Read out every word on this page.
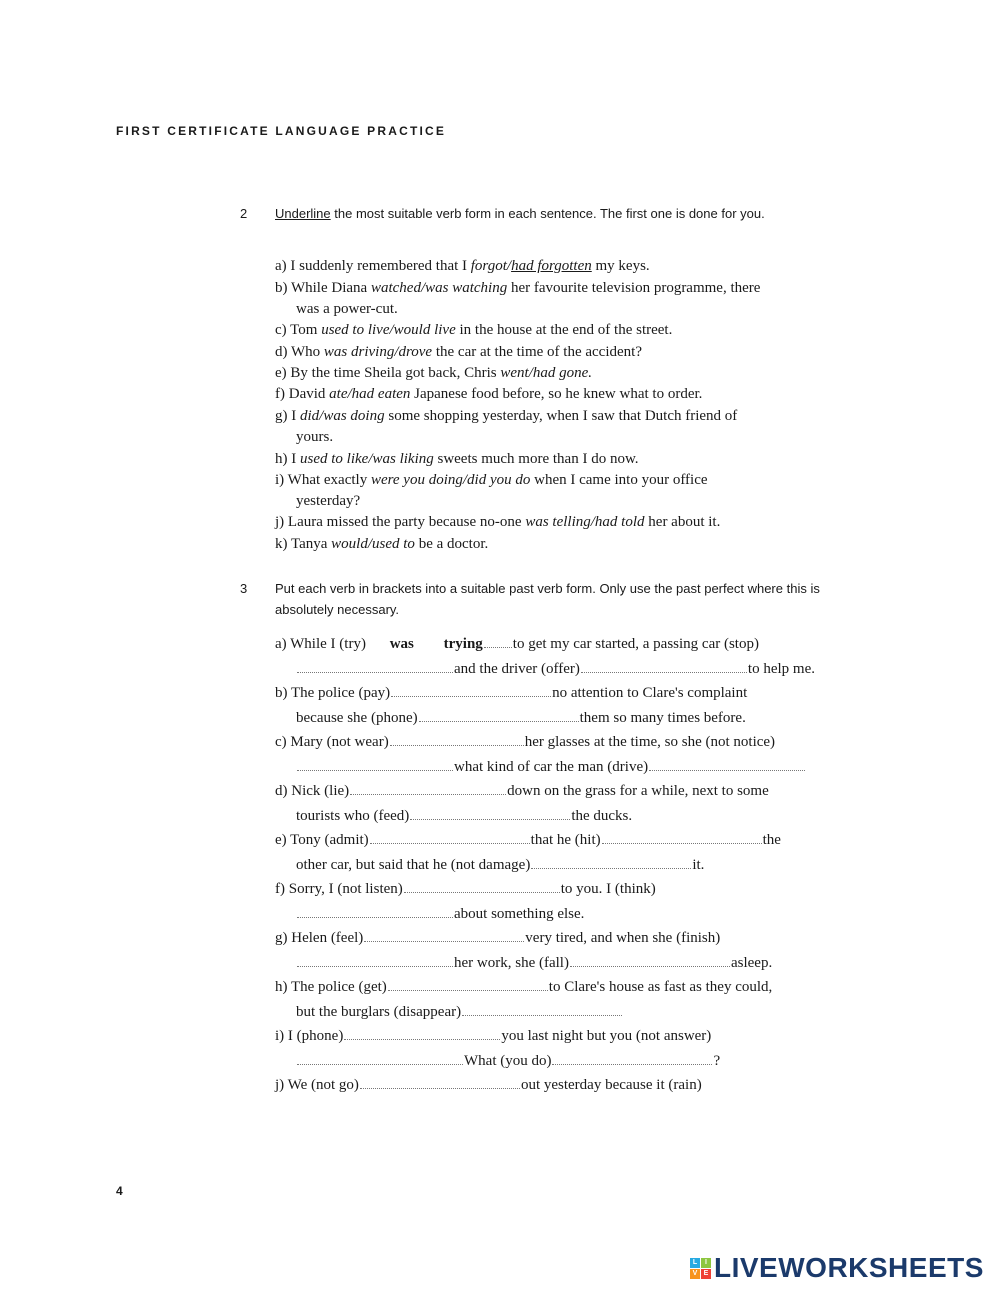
FIRST CERTIFICATE LANGUAGE PRACTICE
2 Underline the most suitable verb form in each sentence. The first one is done for you.
a) I suddenly remembered that I forgot/had forgotten my keys.
b) While Diana watched/was watching her favourite television programme, there
was a power-cut.
c) Tom used to live/would live in the house at the end of the street.
d) Who was driving/drove the car at the time of the accident?
e) By the time Sheila got back, Chris went/had gone.
f) David ate/had eaten Japanese food before, so he knew what to order.
g) I did/was doing some shopping yesterday, when I saw that Dutch friend of
yours.
h) I used to like/was liking sweets much more than I do now.
i) What exactly were you doing/did you do when I came into your office
yesterday?
j) Laura missed the party because no-one was telling/had told her about it.
k) Tanya would/used to be a doctor.
3 Put each verb in brackets into a suitable past verb form. Only use the past perfect where this is absolutely necessary.
a) While I (try) was trying to get my car started, a passing car (stop)
and the driver (offer)	to help me.
b) The police (pay)	no attention to Clare's complaint
because she (phone)	them so many times before.
c) Mary (not wear)	her glasses at the time, so she (not notice)
what kind of car the man (drive)
d) Nick (lie)	down on the grass for a while, next to some
tourists who (feed)	the ducks.
e) Tony (admit)	that he (hit)	the
other car, but said that he (not damage)	it.
f) Sorry, I (not listen)	to you. I (think)
about something else.
g) Helen (feel)	very tired, and when she (finish)
her work, she (fall)	asleep.
h) The police (get)	to Clare's house as fast as they could,
but the burglars (disappear)
i) I (phone)	you last night but you (not answer)
What (you do)	?
j) We (not go)	out yesterday because it (rain)
4
L	I
V E LIVEWORKSHEETS
